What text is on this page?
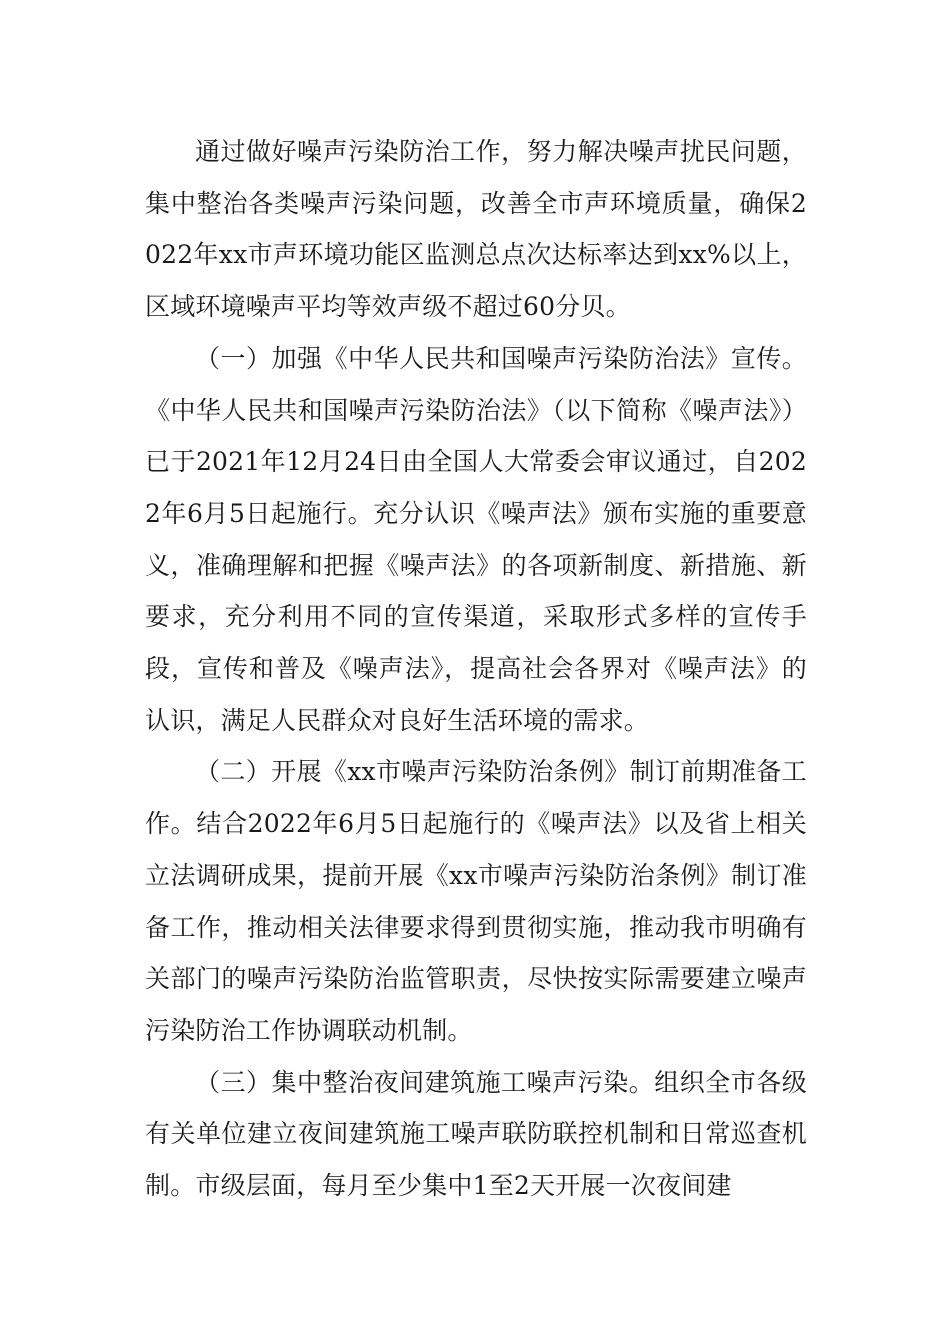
通过做好噪声污染防治工作，努力解决噪声扰民问题，集中整治各类噪声污染问题，改善全市声环境质量，确保2022年xx市声环境功能区监测总点次达标率达到xx%以上，区域环境噪声平均等效声级不超过60分贝。

（一）加强《中华人民共和国噪声污染防治法》宣传。《中华人民共和国噪声污染防治法》（以下简称《噪声法》）已于2021年12月24日由全国人大常委会审议通过，自2022年6月5日起施行。充分认识《噪声法》颁布实施的重要意义，准确理解和把握《噪声法》的各项新制度、新措施、新要求，充分利用不同的宣传渠道，采取形式多样的宣传手段，宣传和普及《噪声法》，提高社会各界对《噪声法》的认识，满足人民群众对良好生活环境的需求。

（二）开展《xx市噪声污染防治条例》制订前期准备工作。结合2022年6月5日起施行的《噪声法》以及省上相关立法调研成果，提前开展《xx市噪声污染防治条例》制订准备工作，推动相关法律要求得到贯彻实施，推动我市明确有关部门的噪声污染防治监管职责，尽快按实际需要建立噪声污染防治工作协调联动机制。

（三）集中整治夜间建筑施工噪声污染。组织全市各级有关单位建立夜间建筑施工噪声联防联控机制和日常巡查机制。市级层面，每月至少集中1至2天开展一次夜间建
